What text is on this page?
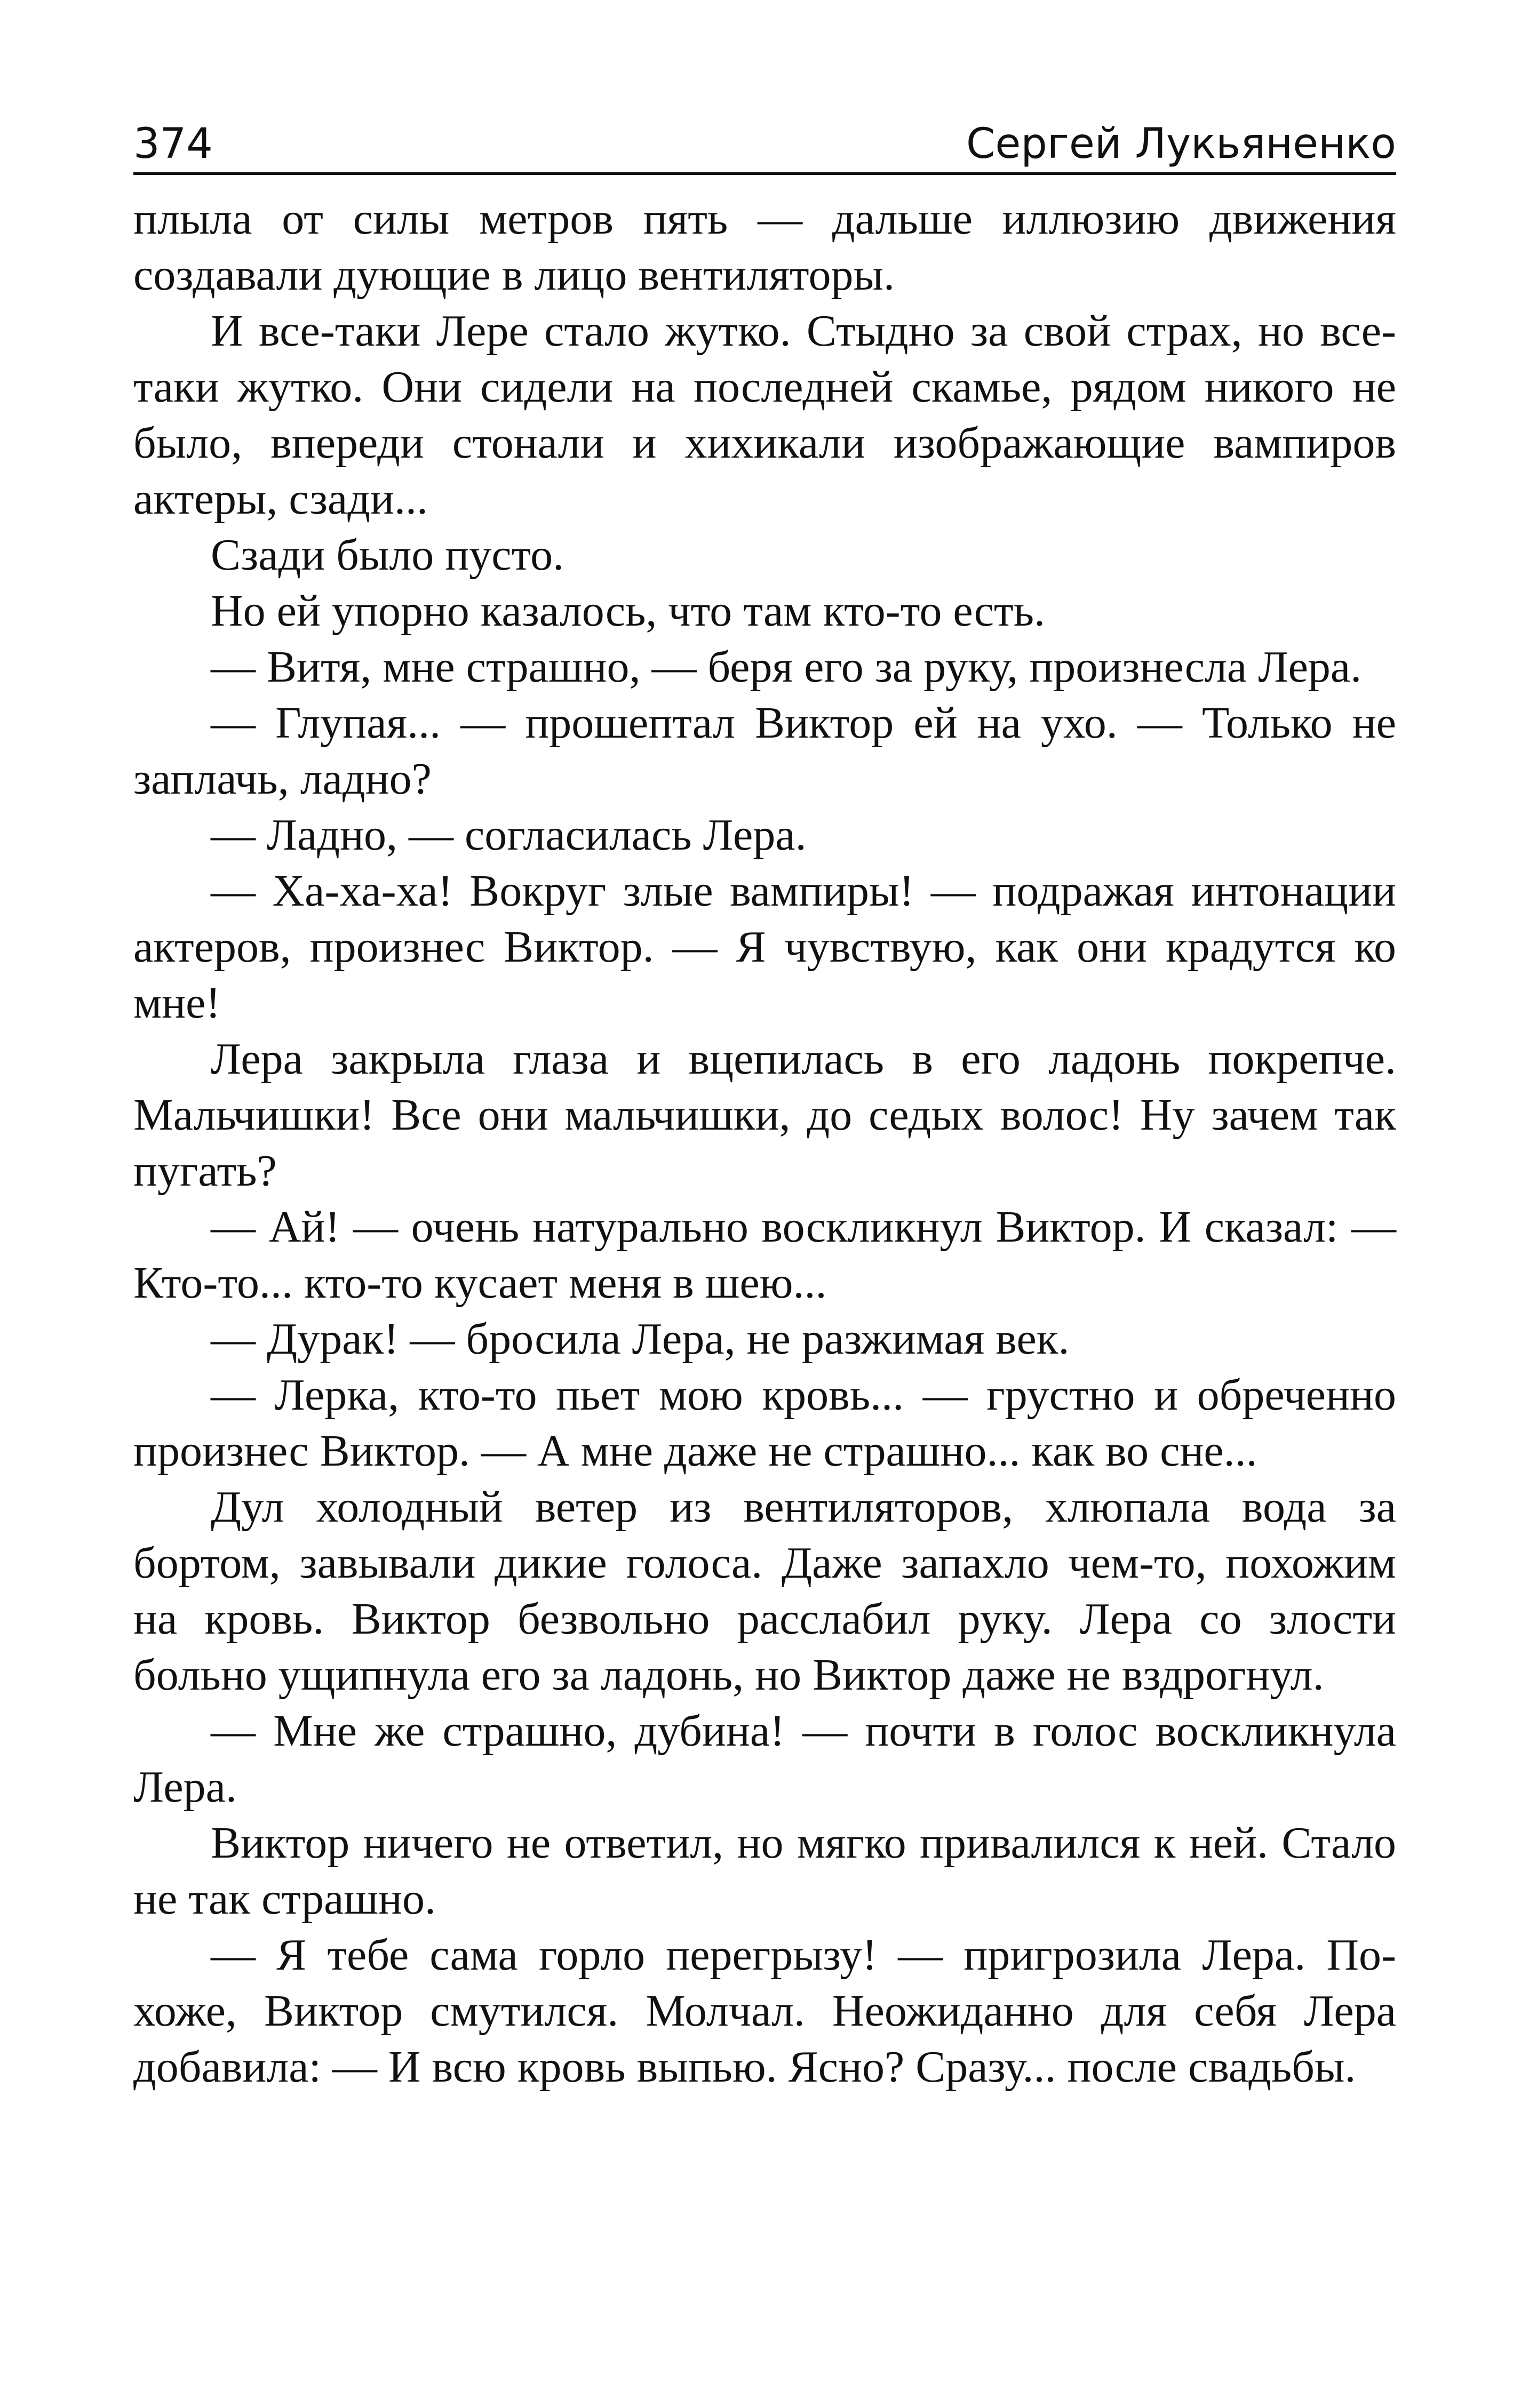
374	Сергей Лукьяненко

плыла от силы метров пять — дальше иллюзию движения создавали дующие в лицо вентиляторы.

И все-таки Лере стало жутко. Стыдно за свой страх, но все-таки жутко. Они сидели на последней скамье, рядом никого не было, впереди стонали и хихикали изображающие вампиров актеры, сзади...

Сзади было пусто.

Но ей упорно казалось, что там кто-то есть.

— Витя, мне страшно, — беря его за руку, произнесла Лера.

— Глупая... — прошептал Виктор ей на ухо. — Только не заплачь, ладно?

— Ладно, — согласилась Лера.

— Ха-ха-ха! Вокруг злые вампиры! — подражая интонации актеров, произнес Виктор. — Я чувствую, как они крадутся ко мне!

Лера закрыла глаза и вцепилась в его ладонь покрепче. Мальчишки! Все они мальчишки, до седых волос! Ну зачем так пугать?

— Ай! — очень натурально воскликнул Виктор. И сказал: — Кто-то... кто-то кусает меня в шею...

— Дурак! — бросила Лера, не разжимая век.

— Лерка, кто-то пьет мою кровь... — грустно и обреченно произнес Виктор. — А мне даже не страшно... как во сне...

Дул холодный ветер из вентиляторов, хлюпала вода за бортом, завывали дикие голоса. Даже запахло чем-то, похожим на кровь. Виктор безвольно расслабил руку. Лера со злости больно ущипнула его за ладонь, но Виктор даже не вздрогнул.

— Мне же страшно, дубина! — почти в голос воскликнула Лера.

Виктор ничего не ответил, но мягко привалился к ней. Стало не так страшно.

— Я тебе сама горло перегрызу! — пригрозила Лера. Похоже, Виктор смутился. Молчал. Неожиданно для себя Лера добавила: — И всю кровь выпью. Ясно? Сразу... после свадьбы.
